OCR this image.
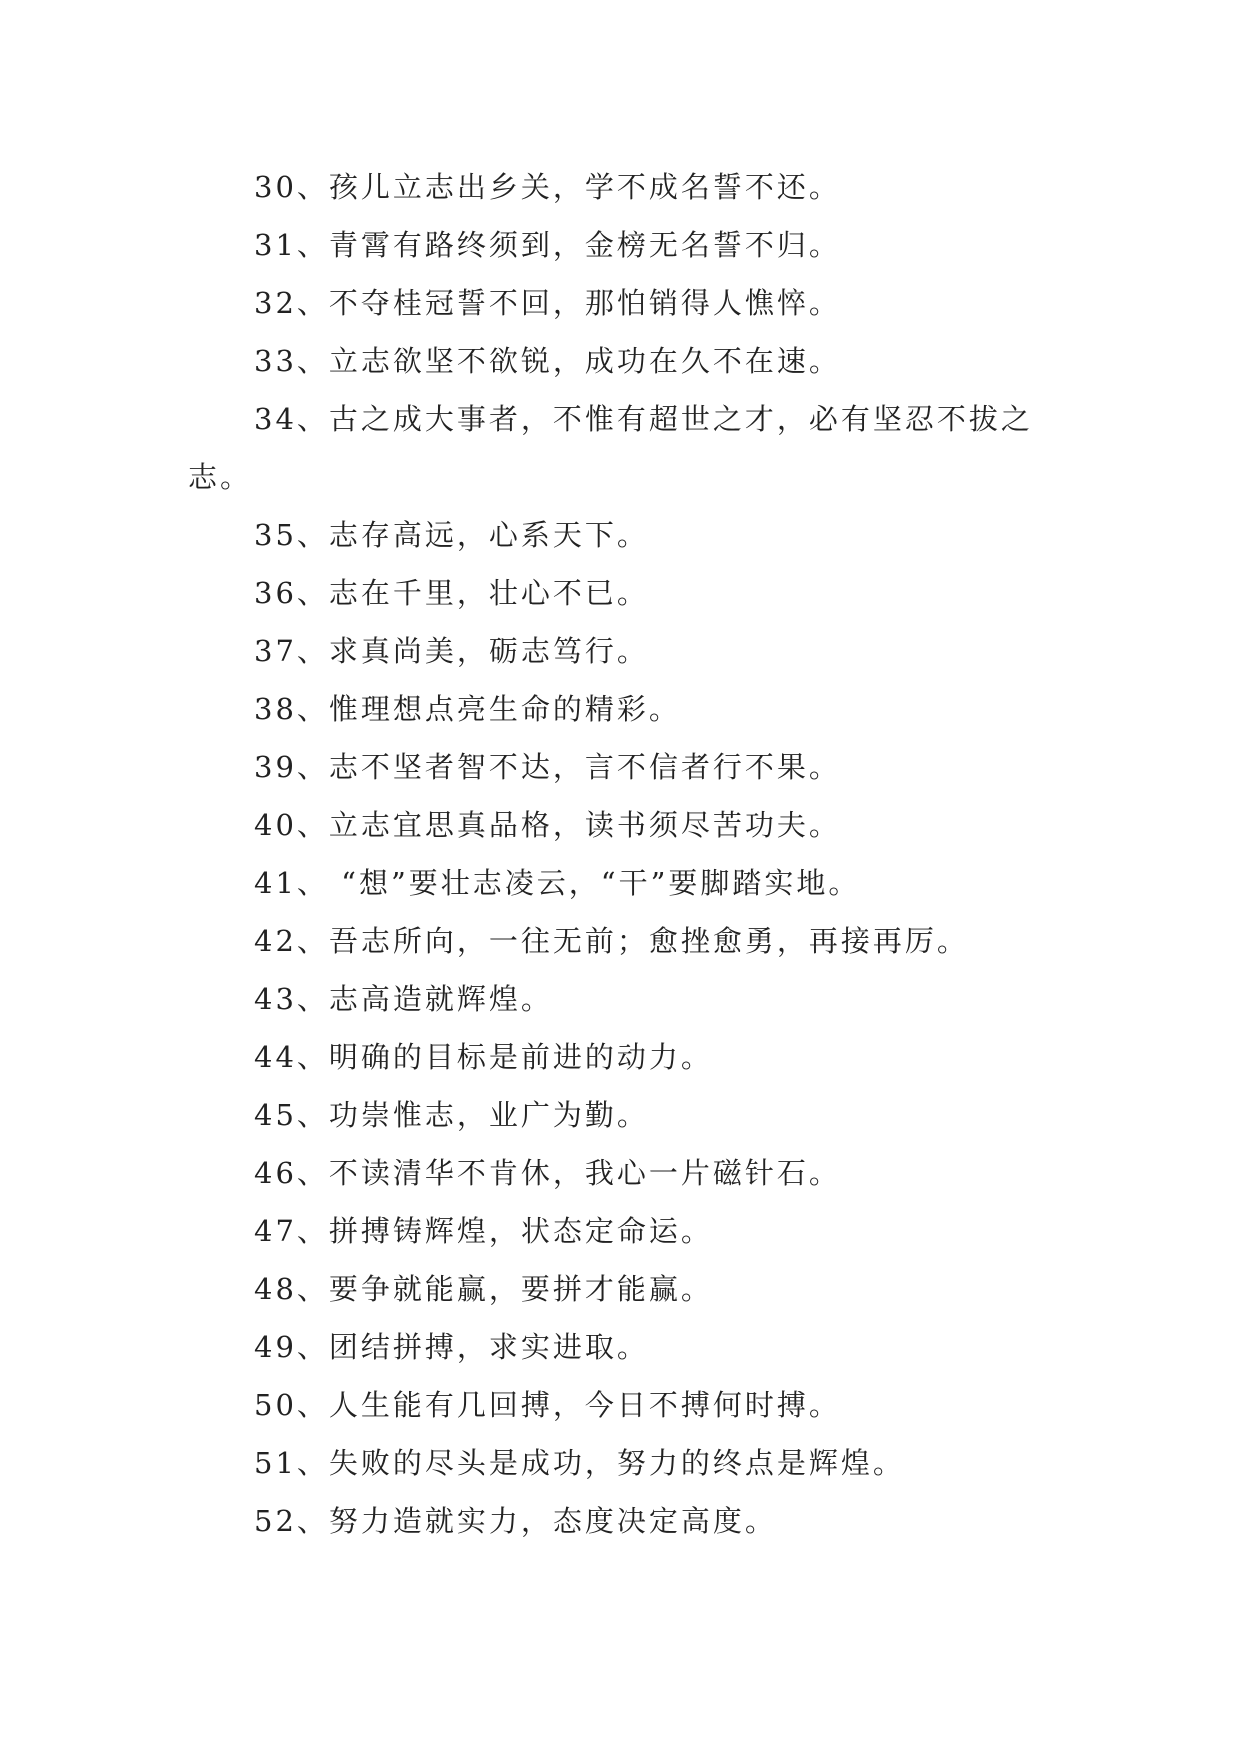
30、孩儿立志出乡关，学不成名誓不还。

31、青霄有路终须到，金榜无名誓不归。

32、不夺桂冠誓不回，那怕销得人憔悴。

33、立志欲坚不欲锐，成功在久不在速。

34、古之成大事者，不惟有超世之才，必有坚忍不拔之志。

35、志存高远，心系天下。

36、志在千里，壮心不已。

37、求真尚美，砺志笃行。

38、惟理想点亮生命的精彩。

39、志不坚者智不达，言不信者行不果。

40、立志宜思真品格，读书须尽苦功夫。

41、 “想”要壮志凌云，“干”要脚踏实地。

42、吾志所向，一往无前；愈挫愈勇，再接再厉。

43、志高造就辉煌。

44、明确的目标是前进的动力。

45、功崇惟志，业广为勤。

46、不读清华不肯休，我心一片磁针石。

47、拼搏铸辉煌，状态定命运。

48、要争就能赢，要拼才能赢。

49、团结拼搏，求实进取。

50、人生能有几回搏，今日不搏何时搏。

51、失败的尽头是成功，努力的终点是辉煌。

52、努力造就实力，态度决定高度。
